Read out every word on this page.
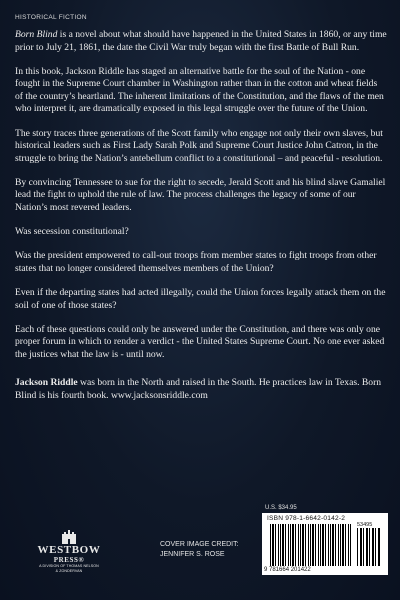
HISTORICAL FICTION

Born Blind is a novel about what should have happened in the United States in 1860, or any time prior to July 21, 1861, the date the Civil War truly began with the first Battle of Bull Run.

In this book, Jackson Riddle has staged an alternative battle for the soul of the Nation - one fought in the Supreme Court chamber in Washington rather than in the cotton and wheat fields of the country’s heartland. The inherent limitations of the Constitution, and the flaws of the men who interpret it, are dramatically exposed in this legal struggle over the future of the Union.

The story traces three generations of the Scott family who engage not only their own slaves, but historical leaders such as First Lady Sarah Polk and Supreme Court Justice John Catron, in the struggle to bring the Nation’s antebellum conflict to a constitutional – and peaceful - resolution.

By convincing Tennessee to sue for the right to secede, Jerald Scott and his blind slave Gamaliel lead the fight to uphold the rule of law. The process challenges the legacy of some of our Nation’s most revered leaders.

Was secession constitutional?

Was the president empowered to call-out troops from member states to fight troops from other states that no longer considered themselves members of the Union?

Even if the departing states had acted illegally, could the Union forces legally attack them on the soil of one of those states?

Each of these questions could only be answered under the Constitution, and there was only one proper forum in which to render a verdict - the United States Supreme Court. No one ever asked the justices what the law is - until now.

Jackson Riddle was born in the North and raised in the South. He practices law in Texas. Born Blind is his fourth book. www.jacksonsriddle.com

WESTBOW
PRESS®
A DIVISION OF THOMAS NELSON
& ZONDERVAN
COVER IMAGE CREDIT:
JENNIFER S. ROSE
U.S. $34.95
ISBN 978-1-6642-0142-2
53495
9 781664 201422
